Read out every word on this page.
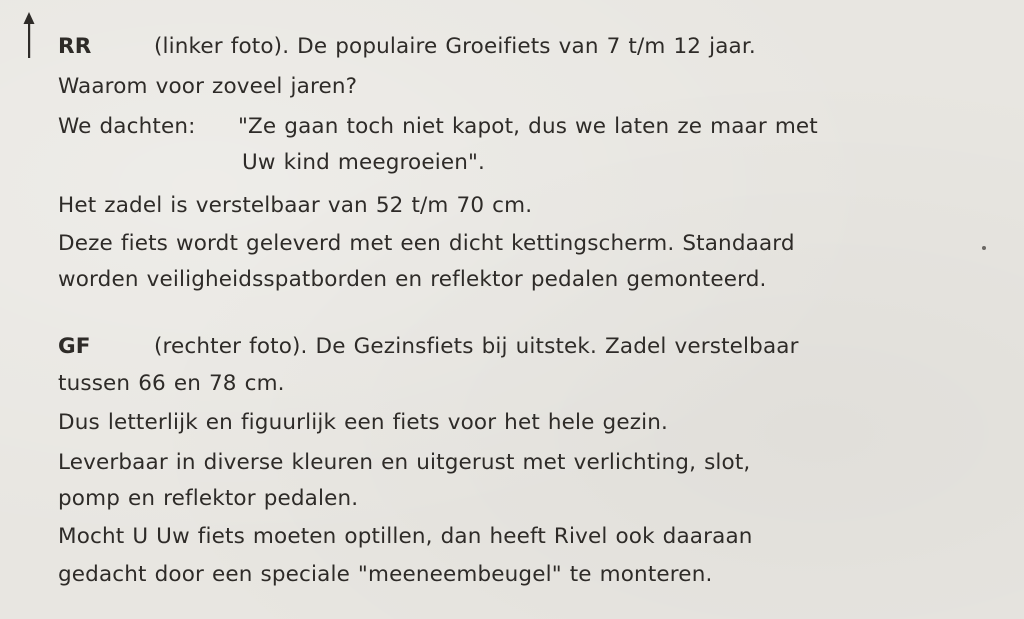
RR	(linker foto). De populaire Groeifiets van 7 t/m 12 jaar.
Waarom voor zoveel jaren?
We dachten: "Ze gaan toch niet kapot, dus we laten ze maar met
Uw kind meegroeien".
Het zadel is verstelbaar van 52 t/m 70 cm.
Deze fiets wordt geleverd met een dicht kettingscherm. Standaard
worden veiligheidsspatborden en reflektor pedalen gemonteerd.
GF	(rechter foto). De Gezinsfiets bij uitstek. Zadel verstelbaar
tussen 66 en 78 cm.
Dus letterlijk en figuurlijk een fiets voor het hele gezin.
Leverbaar in diverse kleuren en uitgerust met verlichting, slot,
pomp en reflektor pedalen.
Mocht U Uw fiets moeten optillen, dan heeft Rivel ook daaraan
gedacht door een speciale "meeneembeugel" te monteren.
